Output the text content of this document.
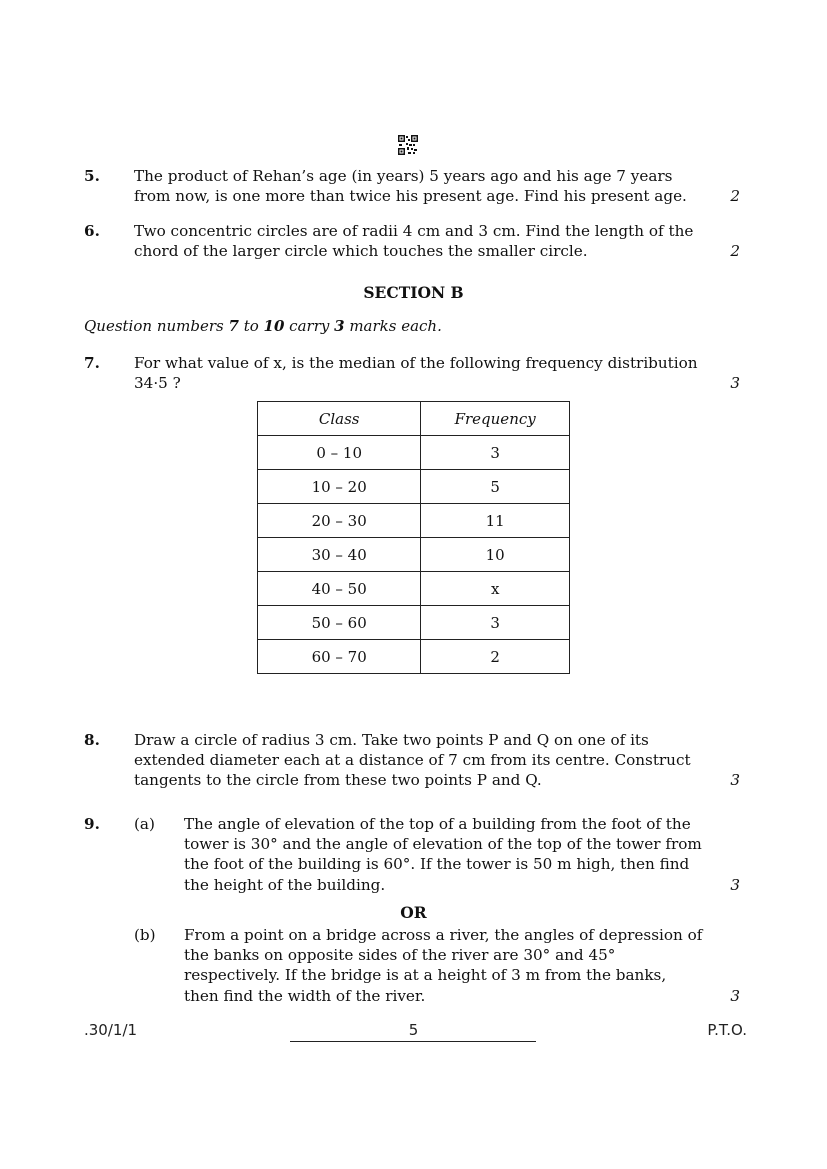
5. The product of Rehan’s age (in years) 5 years ago and his age 7 years
from now, is one more than twice his present age. Find his present age.	2
6. Two concentric circles are of radii 4 cm and 3 cm. Find the length of the
chord of the larger circle which touches the smaller circle.	2
SECTION B
Question numbers 7 to 10 carry 3 marks each.
7. For what value of x, is the median of the following frequency distribution
34·5 ?	3
Class	Frequency
0 – 10	3
10 – 20	5
20 – 30	11
30 – 40	10
40 – 50	x
50 – 60	3
60 – 70	2
8. Draw a circle of radius 3 cm. Take two points P and Q on one of its
extended diameter each at a distance of 7 cm from its centre. Construct
tangents to the circle from these two points P and Q.	3
9. (a) The angle of elevation of the top of a building from the foot of the
tower is 30° and the angle of elevation of the top of the tower from
the foot of the building is 60°. If the tower is 50 m high, then find
the height of the building.	3
(b) From a point on a bridge across a river, the angles of depression of
the banks on opposite sides of the river are 30° and 45°
respectively. If the bridge is at a height of 3 m from the banks,
then find the width of the river.	3
OR
.30/1/1	5	P.T.O.
